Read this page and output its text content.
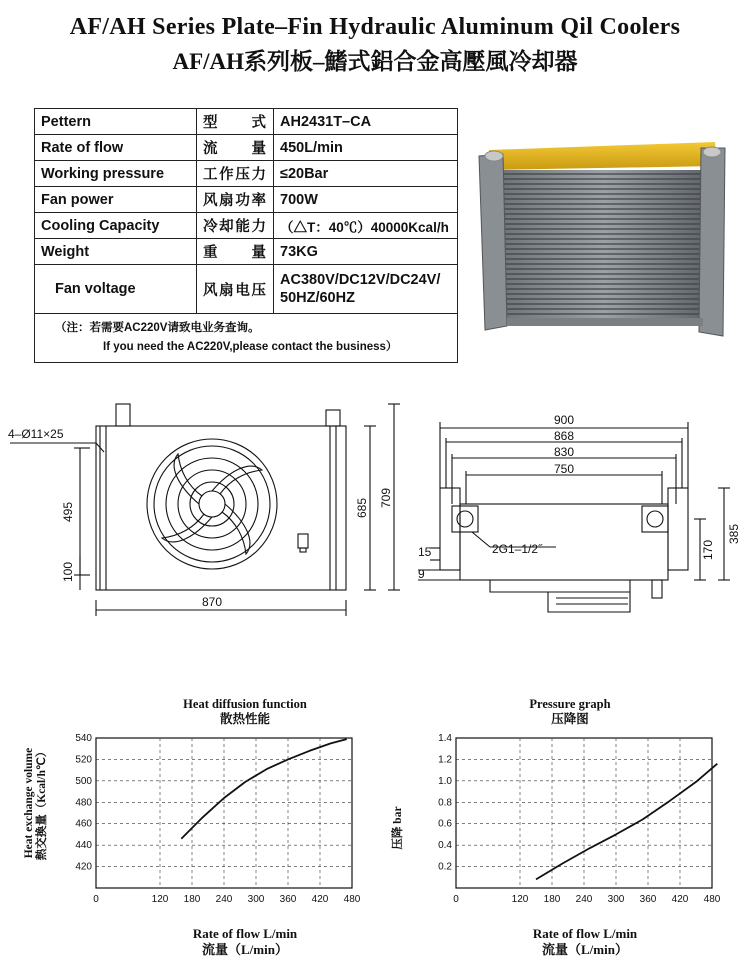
AF/AH Series Plate–Fin Hydraulic Aluminum Qil Coolers
AF/AH系列板–鰭式鋁合金高壓風冷却器
Pettern	型 式	AH2431T–CA
Rate of flow	流 量	450L/min
Working pressure	工作压力	≤20Bar
Fan power	风扇功率	700W
Cooling Capacity	冷却能力	（△T：40℃）40000Kcal/h
Weight	重 量	73KG
Fan voltage	风扇电压	AC380V/DC12V/DC24V/
50HZ/60HZ
（注：若需要AC220V请致电业务查询。
If you need the AC220V,please contact the business）		
4–Ø11×25
870
495
100
685 709
900
868
830
750
15
9
2G1–1/2˝	170
385
Heat diffusion function
散热性能
Pressure graph
压降图
Rate of flow L/min
流量（L/min）
Rate of flow L/min
流量（L/min）
Heat exchange volume 熱交換量（Kcal/h℃）	压降 bar
0	120 180 240 300 360 420 480
420
440
460
480
500
520
540
0	120 180 240 300 360 420 480
0.2
0.4
0.6
0.8
1.0
1.2
1.4
